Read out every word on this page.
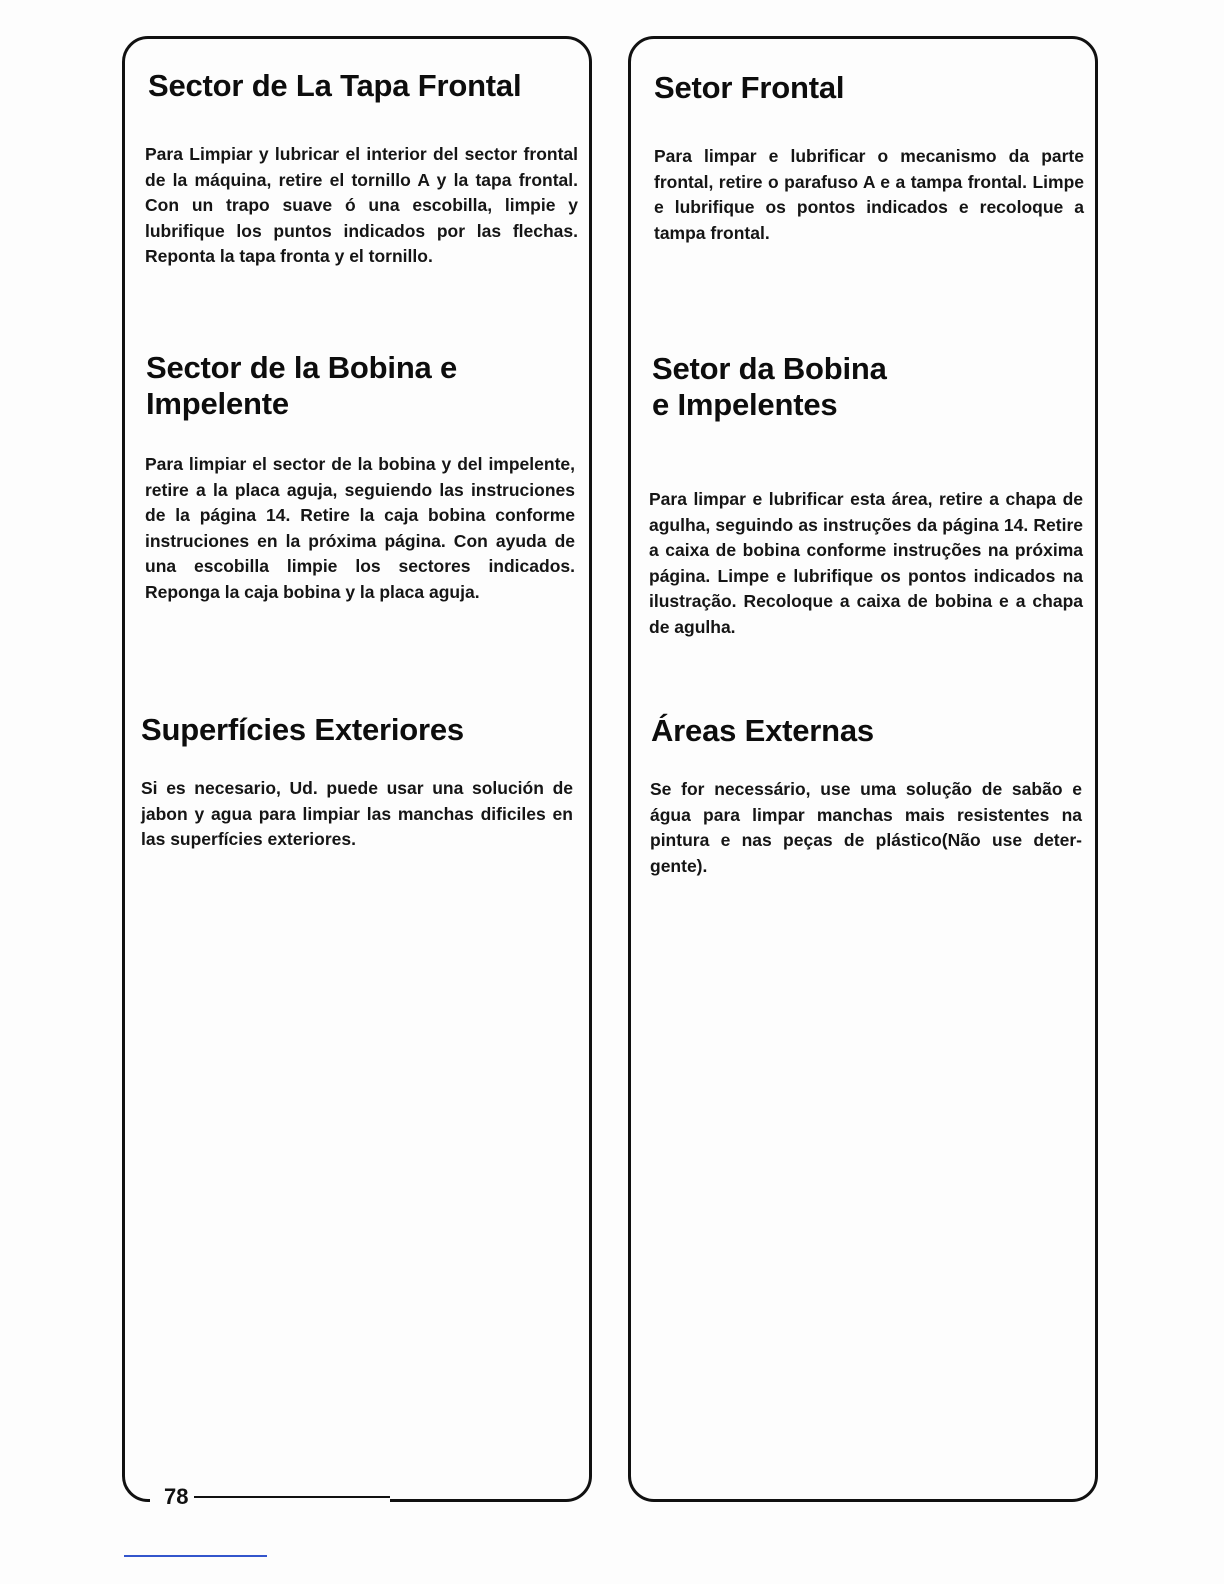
Sector de La Tapa Frontal

Para Limpiar y lubricar el interior del sector frontal de la máquina, retire el tornillo A y la tapa frontal. Con un trapo suave ó una escobilla, limpie y lubrifique los puntos indicados por las flechas. Reponta la tapa fronta y el tornillo.

Sector de la Bobina e
Impelente

Para limpiar el sector de la bobina y del impelente, retire a la placa aguja, seguiendo las instruciones de la página 14. Retire la caja bobina conforme instruciones en la próxima página. Con ayuda de una escobilla limpie los sectores indicados. Reponga la caja bobina y la placa aguja.

Superfícies Exteriores

Si es necesario, Ud. puede usar una solución de jabon y agua para limpiar las manchas dificiles en las superfícies exteriores.

Setor Frontal

Para limpar e lubrificar o mecanismo da parte frontal, retire o parafuso A e a tampa frontal. Limpe e lubrifique os pontos indicados e recoloque a tampa frontal.

Setor da Bobina
e Impelentes

Para limpar e lubrificar esta área, retire a chapa de agulha, seguindo as instruções da página 14. Retire a caixa de bobina conforme instruções na próxima página. Limpe e lubrifique os pontos indicados na ilustração. Recoloque a caixa de bobina e a chapa de agulha.

Áreas Externas

Se for necessário, use uma solução de sabão e água para limpar manchas mais resistentes na pintura e nas peças de plástico(Não use detergente).

78
